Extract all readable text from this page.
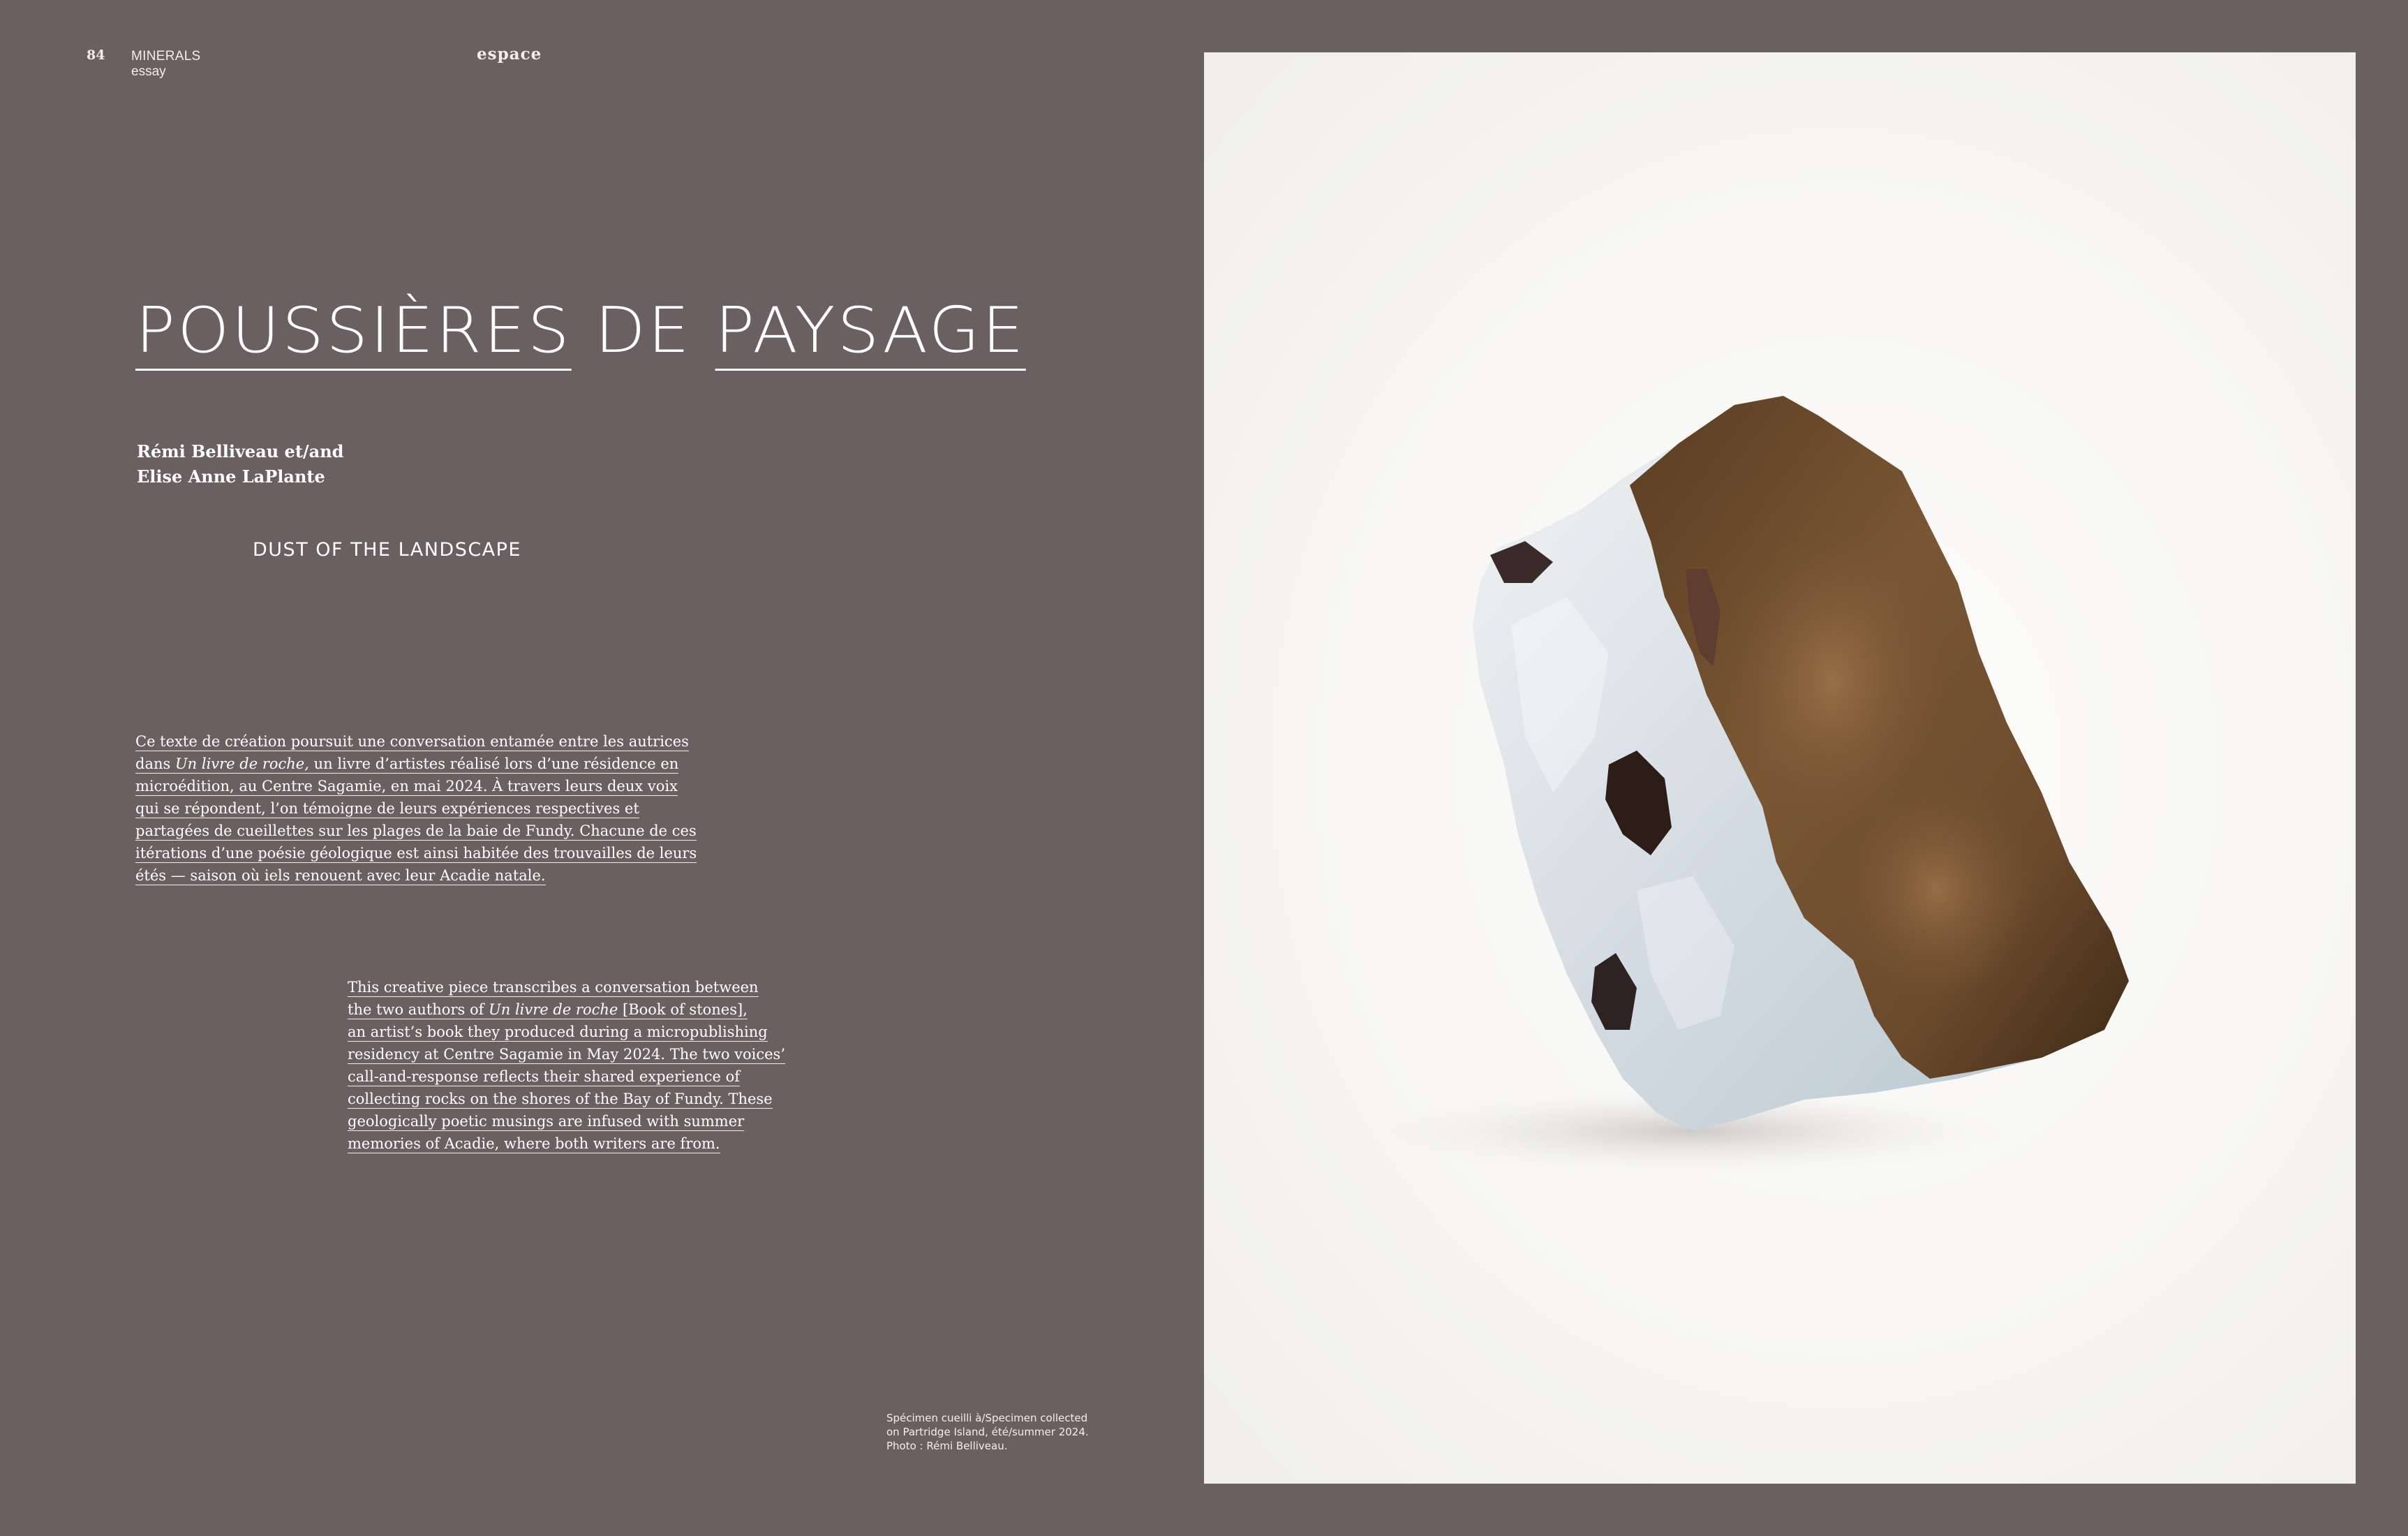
84 MINERALS
essay
espace
POUSSIÈRES DE PAYSAGE
Rémi Belliveau et/and
Elise Anne LaPlante
DUST OF THE LANDSCAPE
Ce texte de création poursuit une conversation entamée entre les autrices
dans Un livre de roche, un livre d’artistes réalisé lors d’une résidence en
microédition, au Centre Sagamie, en mai 2024. À travers leurs deux voix
qui se répondent, l’on témoigne de leurs expériences respectives et
partagées de cueillettes sur les plages de la baie de Fundy. Chacune de ces
itérations d’une poésie géologique est ainsi habitée des trouvailles de leurs
étés — saison où iels renouent avec leur Acadie natale.
This creative piece transcribes a conversation between
the two authors of Un livre de roche [Book of stones],
an artist’s book they produced during a micropublishing
residency at Centre Sagamie in May 2024. The two voices’
call-and-response reflects their shared experience of
collecting rocks on the shores of the Bay of Fundy. These
geologically poetic musings are infused with summer
memories of Acadie, where both writers are from.
Spécimen cueilli à/Specimen collected
on Partridge Island, été/summer 2024.
Photo : Rémi Belliveau.
